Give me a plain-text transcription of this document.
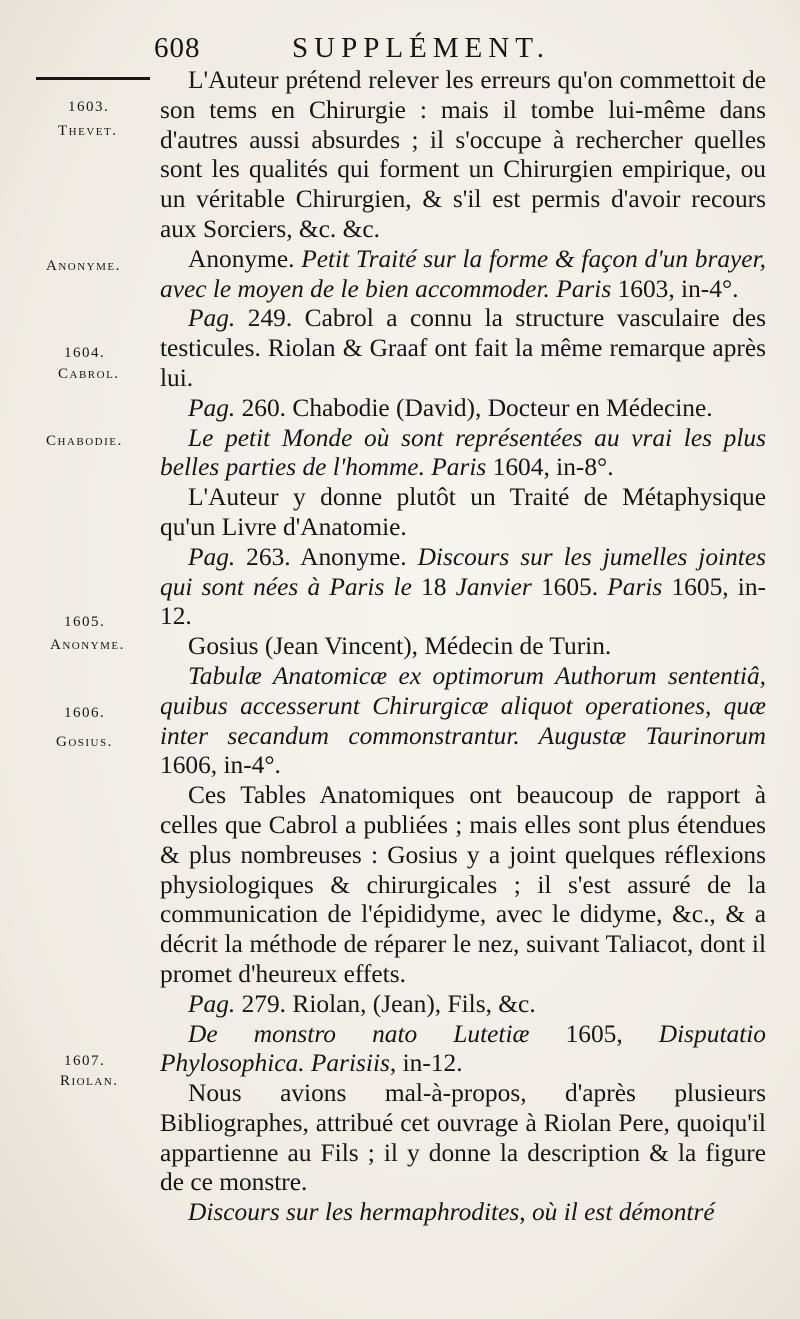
608	SUPPLÉMENT.
1603.
Thevet.
Anonyme.
1604.
Cabrol.
Chabodie.
1605.
Anonyme.
1606.
Gosius.
1607.
Riolan.

L'Auteur prétend relever les erreurs qu'on commettoit de son tems en Chirurgie : mais il tombe lui-même dans d'autres aussi absurdes ; il s'occupe à rechercher quelles sont les qualités qui forment un Chirurgien empirique, ou un véritable Chirurgien, & s'il est permis d'avoir recours aux Sorciers, &c. &c.

Anonyme. Petit Traité sur la forme & façon d'un brayer, avec le moyen de le bien accommoder. Paris 1603, in-4°.

Pag. 249. Cabrol a connu la structure vasculaire des testicules. Riolan & Graaf ont fait la même remarque après lui.

Pag. 260. Chabodie (David), Docteur en Médecine.

Le petit Monde où sont représentées au vrai les plus belles parties de l'homme. Paris 1604, in-8°.

L'Auteur y donne plutôt un Traité de Métaphysique qu'un Livre d'Anatomie.

Pag. 263. Anonyme. Discours sur les jumelles jointes qui sont nées à Paris le 18 Janvier 1605. Paris 1605, in-12.

Gosius (Jean Vincent), Médecin de Turin.

Tabulæ Anatomicæ ex optimorum Authorum sententiâ, quibus accesserunt Chirurgicæ aliquot operationes, quæ inter secandum commonstrantur. Augustæ Taurinorum 1606, in-4°.

Ces Tables Anatomiques ont beaucoup de rapport à celles que Cabrol a publiées ; mais elles sont plus étendues & plus nombreuses : Gosius y a joint quelques réflexions physiologiques & chirurgicales ; il s'est assuré de la communication de l'épididyme, avec le didyme, &c., & a décrit la méthode de réparer le nez, suivant Taliacot, dont il promet d'heureux effets.

Pag. 279. Riolan, (Jean), Fils, &c.

De monstro nato Lutetiæ 1605, Disputatio Phylosophica. Parisiis, in-12.

Nous avions mal-à-propos, d'après plusieurs Bibliographes, attribué cet ouvrage à Riolan Pere, quoiqu'il appartienne au Fils ; il y donne la description & la figure de ce monstre.

Discours sur les hermaphrodites, où il est démontré
